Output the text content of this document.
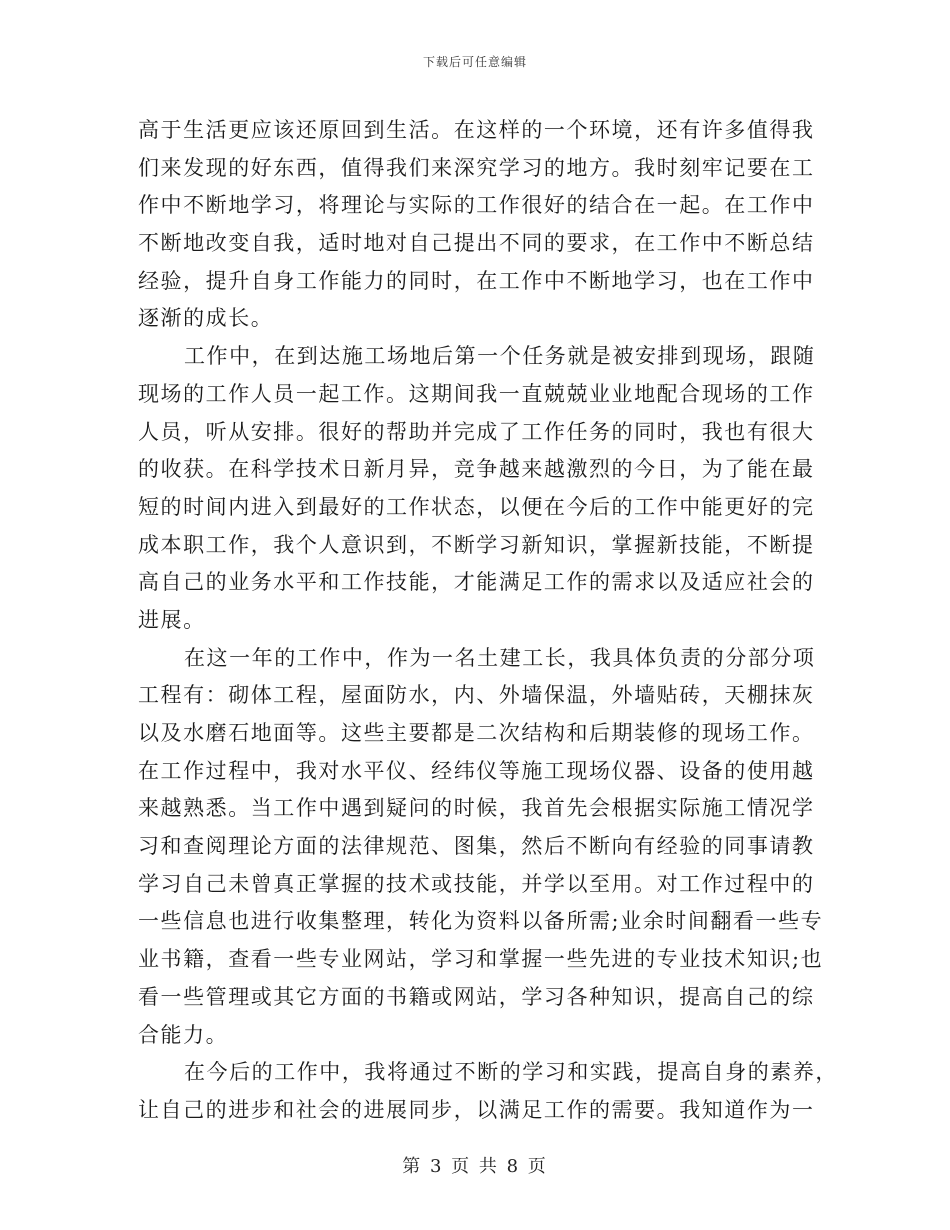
下载后可任意编辑
高于生活更应该还原回到生活。在这样的一个环境，还有许多值得我
们来发现的好东西，值得我们来深究学习的地方。我时刻牢记要在工
作中不断地学习，将理论与实际的工作很好的结合在一起。在工作中
不断地改变自我，适时地对自己提出不同的要求，在工作中不断总结
经验，提升自身工作能力的同时，在工作中不断地学习，也在工作中
逐渐的成长。
工作中，在到达施工场地后第一个任务就是被安排到现场，跟随
现场的工作人员一起工作。这期间我一直兢兢业业地配合现场的工作
人员，听从安排。很好的帮助并完成了工作任务的同时，我也有很大
的收获。在科学技术日新月异，竞争越来越激烈的今日，为了能在最
短的时间内进入到最好的工作状态，以便在今后的工作中能更好的完
成本职工作，我个人意识到，不断学习新知识，掌握新技能，不断提
高自己的业务水平和工作技能，才能满足工作的需求以及适应社会的
进展。
在这一年的工作中，作为一名土建工长，我具体负责的分部分项
工程有：砌体工程，屋面防水，内、外墙保温，外墙贴砖，天棚抹灰
以及水磨石地面等。这些主要都是二次结构和后期装修的现场工作。
在工作过程中，我对水平仪、经纬仪等施工现场仪器、设备的使用越
来越熟悉。当工作中遇到疑问的时候，我首先会根据实际施工情况学
习和查阅理论方面的法律规范、图集，然后不断向有经验的同事请教
学习自己未曾真正掌握的技术或技能，并学以至用。对工作过程中的
一些信息也进行收集整理，转化为资料以备所需;业余时间翻看一些专
业书籍，查看一些专业网站，学习和掌握一些先进的专业技术知识;也
看一些管理或其它方面的书籍或网站，学习各种知识，提高自己的综
合能力。
在今后的工作中，我将通过不断的学习和实践，提高自身的素养，
让自己的进步和社会的进展同步，以满足工作的需要。我知道作为一
第 3 页 共 8 页
